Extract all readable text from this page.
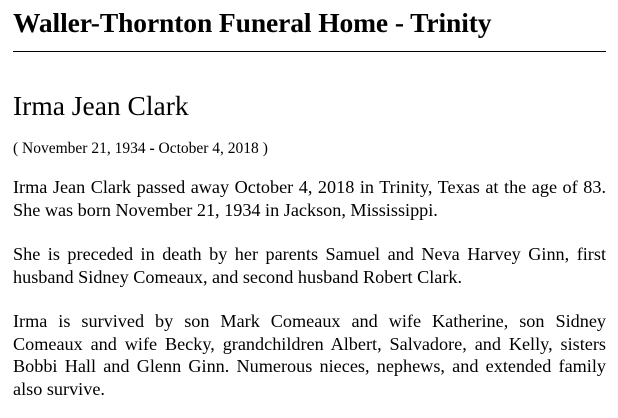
Waller-Thornton Funeral Home - Trinity
Irma Jean Clark
( November 21, 1934 - October 4, 2018 )

Irma Jean Clark passed away October 4, 2018 in Trinity, Texas at the age of 83. She was born November 21, 1934 in Jackson, Mississippi.

She is preceded in death by her parents Samuel and Neva Harvey Ginn, first husband Sidney Comeaux, and second husband Robert Clark.

Irma is survived by son Mark Comeaux and wife Katherine, son Sidney Comeaux and wife Becky, grandchildren Albert, Salvadore, and Kelly, sisters Bobbi Hall and Glenn Ginn. Numerous nieces, nephews, and extended family also survive.
